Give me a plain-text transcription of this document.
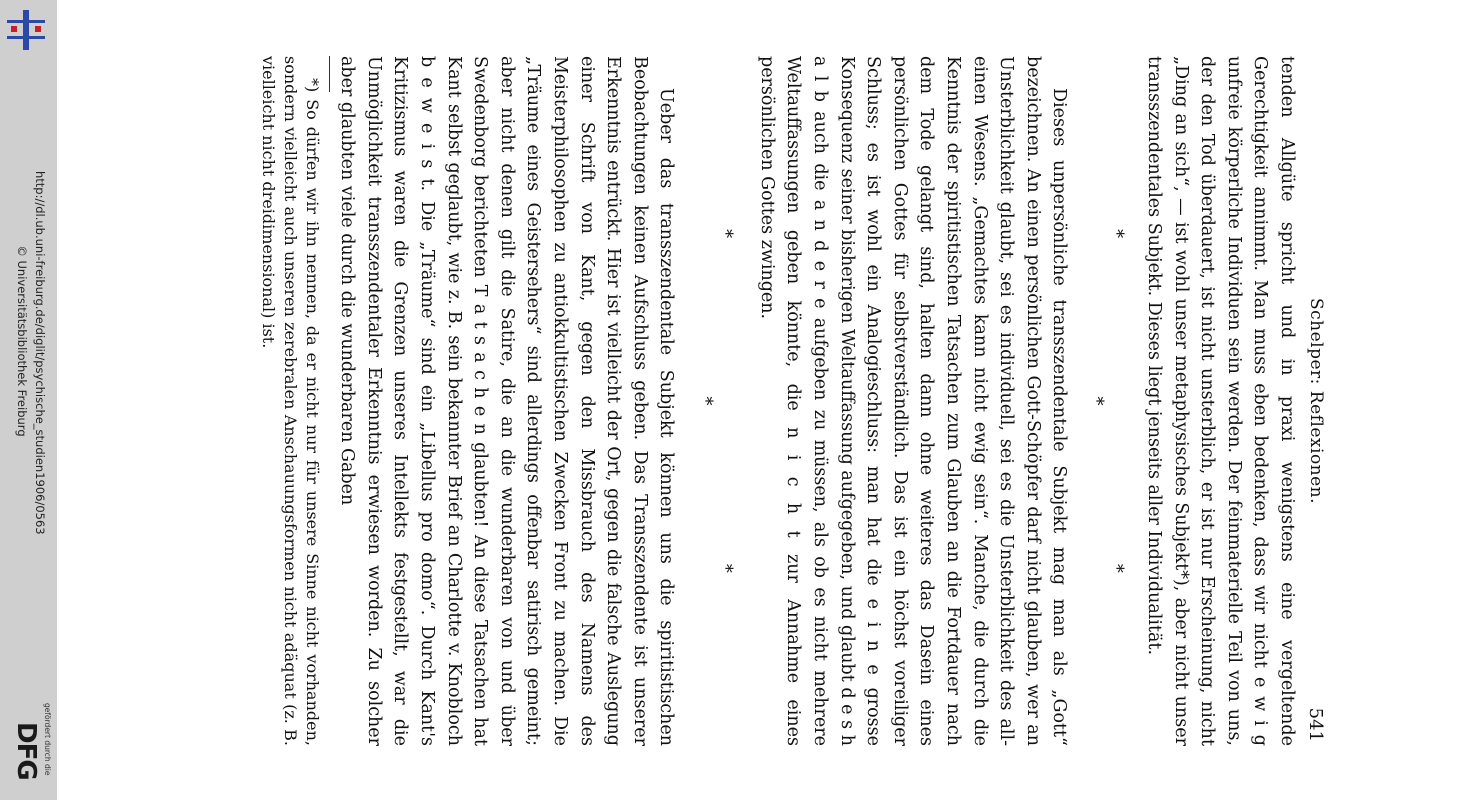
http://dl.ub.uni-freiburg.de/diglit/psychische_studien1906/0563
© Universitätsbibliothek Freiburg
DFG gefördert durch die
Schelper: Reflexionen.
541

tenden Allgüte spricht und in praxi wenigstens eine vergeltende Gerechtigkeit annimmt. Man muss eben bedenken, dass wir nicht e w i g unfreie körperliche Individuen sein werden. Der feinmaterielle Teil von uns, der den Tod überdauert, ist nicht unsterblich, er ist nur Erscheinung, nicht „Ding an sich“, — ist wohl unser metaphysisches Subjekt*), aber nicht unser transszendentales Subjekt. Dieses liegt jenseits aller Individualität.

* *
*

Dieses unpersönliche transszendentale Subjekt mag man als „Gott“ bezeichnen. An einen persönlichen Gott-Schöpfer darf nicht glauben, wer an Unsterblichkeit glaubt, sei es individuell, sei es die Unsterblichkeit des all-einen Wesens. „Gemachtes kann nicht ewig sein“. Manche, die durch die Kenntnis der spiritistischen Tatsachen zum Glauben an die Fortdauer nach dem Tode gelangt sind, halten dann ohne weiteres das Dasein eines persönlichen Gottes für selbstverständlich. Das ist ein höchst voreiliger Schluss; es ist wohl ein Analogieschluss: man hat die e i n e grosse Konsequenz seiner bisherigen Weltauffassung aufgegeben, und glaubt d e s h a l b auch die a n d e r e aufgeben zu müssen, als ob es nicht mehrere Weltauffassungen geben könnte, die n i c h t zur Annahme eines persönlichen Gottes zwingen.

* *
*

Ueber das transszendentale Subjekt können uns die spiritistischen Beobachtungen keinen Aufschluss geben. Das Transszendente ist unserer Erkenntnis entrückt. Hier ist vielleicht der Ort, gegen die falsche Auslegung einer Schrift von Kant, gegen den Missbrauch des Namens des Meisterphilosophen zu antiokkultistischen Zwecken Front zu machen. Die „Träume eines Geistersehers“ sind allerdings offenbar satirisch gemeint; aber nicht denen gilt die Satire, die an die wunderbaren von und über Swedenborg berichteten T a t s a c h e n glaubten! An diese Tatsachen hat Kant selbst geglaubt, wie z. B. sein bekannter Brief an Charlotte v. Knobloch b e w e i s t. Die „Träume“ sind ein „Libellus pro domo“. Durch Kant's Kritizismus waren die Grenzen unseres Intellekts festgestellt, war die Unmöglichkeit transszendentaler Erkenntnis erwiesen worden. Zu solcher aber glaubten viele durch die wunderbaren Gaben

*) So dürfen wir ihn nennen, da er nicht nur für unsere Sinne nicht vorhanden, sondern vielleicht auch unseren zerebralen Anschauungsformen nicht adäquat (z. B. vielleicht nicht dreidimensional) ist.
